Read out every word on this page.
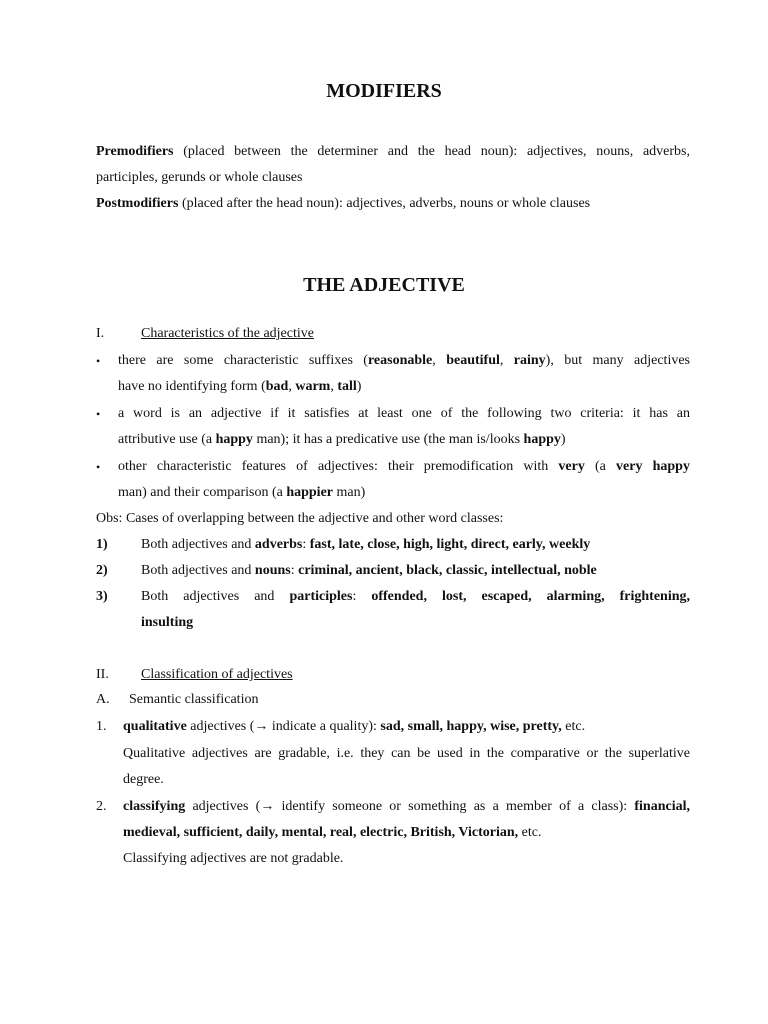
MODIFIERS
Premodifiers (placed between the determiner and the head noun): adjectives, nouns, adverbs,
participles, gerunds or whole clauses
Postmodifiers (placed after the head noun): adjectives, adverbs, nouns or whole clauses
THE ADJECTIVE
I.	Characteristics of the adjective
• there are some characteristic suffixes (reasonable, beautiful, rainy), but many adjectives
have no identifying form (bad, warm, tall)
• a word is an adjective if it satisfies at least one of the following two criteria: it has an
attributive use (a happy man); it has a predicative use (the man is/looks happy)
• other characteristic features of adjectives: their premodification with very (a very happy
man) and their comparison (a happier man)
Obs: Cases of overlapping between the adjective and other word classes:
1) Both adjectives and adverbs: fast, late, close, high, light, direct, early, weekly
2) Both adjectives and nouns: criminal, ancient, black, classic, intellectual, noble
3) Both adjectives and participles: offended, lost, escaped, alarming, frightening,
insulting
II. Classification of adjectives
A. Semantic classification
1. qualitative adjectives (→ indicate a quality): sad, small, happy, wise, pretty, etc.
Qualitative adjectives are gradable, i.e. they can be used in the comparative or the superlative
degree.
2. classifying adjectives (→ identify someone or something as a member of a class): financial,
medieval, sufficient, daily, mental, real, electric, British, Victorian, etc.
Classifying adjectives are not gradable.
